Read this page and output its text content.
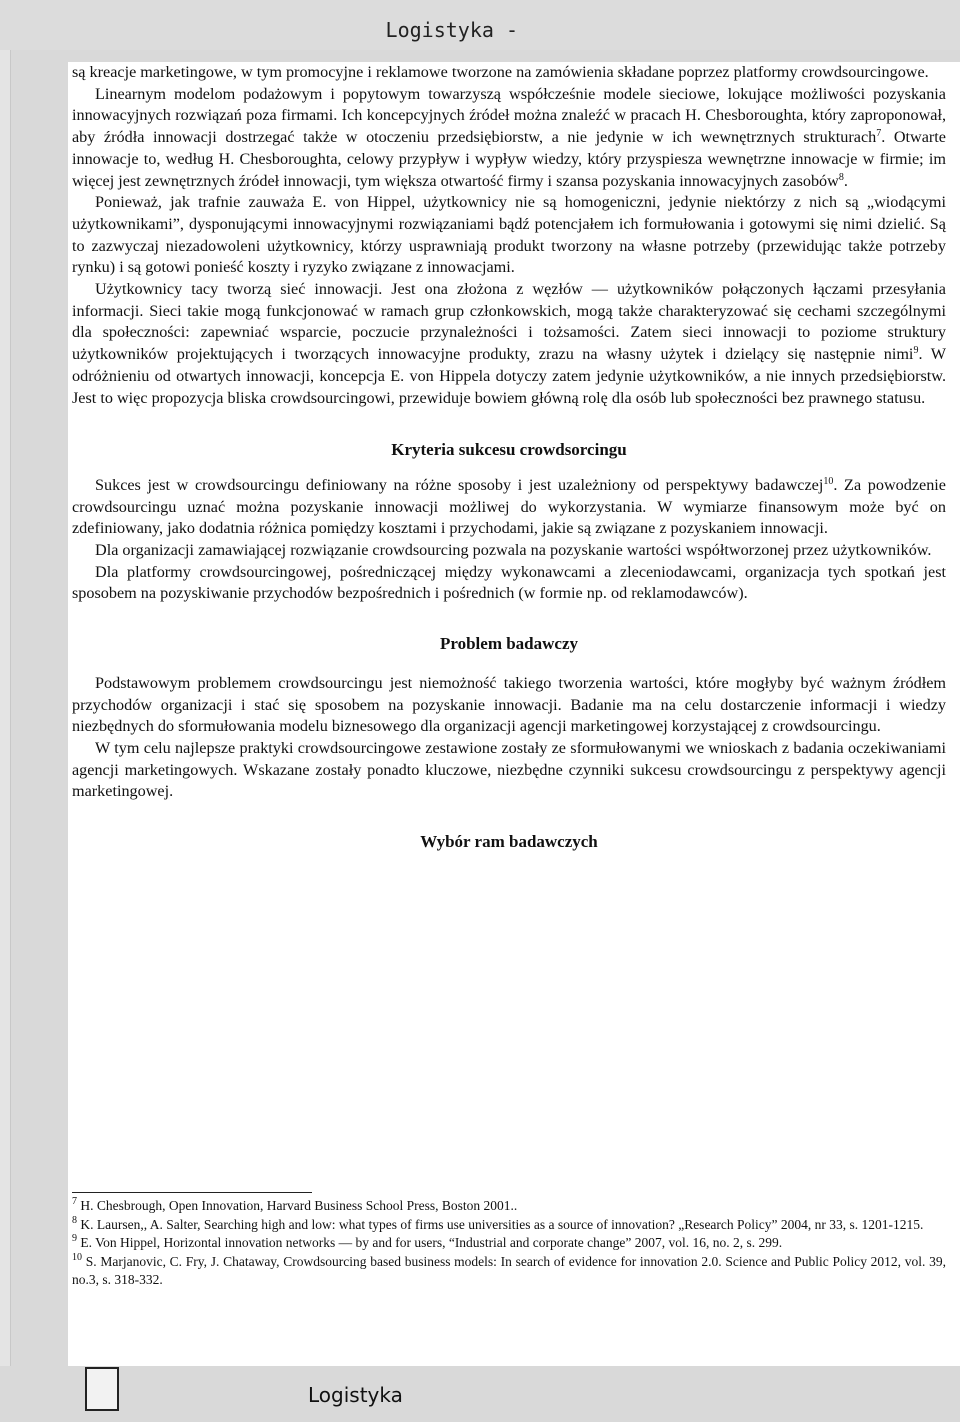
Logistyka -

są kreacje marketingowe, w tym promocyjne i reklamowe tworzone na zamówienia składane poprzez platformy crowdsourcingowe.

Linearnym modelom podażowym i popytowym towarzyszą współcześnie modele sieciowe, lokujące możliwości pozyskania innowacyjnych rozwiązań poza firmami. Ich koncepcyjnych źródeł można znaleźć w pracach H. Chesboroughta, który zaproponował, aby źródła innowacji dostrzegać także w otoczeniu przedsiębiorstw, a nie jedynie w ich wewnętrznych strukturach$^7$. Otwarte innowacje to, według H. Chesboroughta, celowy przypływ i wypływ wiedzy, który przyspiesza wewnętrzne innowacje w firmie; im więcej jest zewnętrznych źródeł innowacji, tym większa otwartość firmy i szansa pozyskania innowacyjnych zasobów$^8$.

Ponieważ, jak trafnie zauważa E. von Hippel, użytkownicy nie są homogeniczni, jedynie niektórzy z nich są „wiodącymi użytkownikami”, dysponującymi innowacyjnymi rozwiązaniami bądź potencjałem ich formułowania i gotowymi się nimi dzielić. Są to zazwyczaj niezadowoleni użytkownicy, którzy usprawniają produkt tworzony na własne potrzeby (przewidując także potrzeby rynku) i są gotowi ponieść koszty i ryzyko związane z innowacjami.

Użytkownicy tacy tworzą sieć innowacji. Jest ona złożona z węzłów — użytkowników połączonych łączami przesyłania informacji. Sieci takie mogą funkcjonować w ramach grup członkowskich, mogą także charakteryzować się cechami szczególnymi dla społeczności: zapewniać wsparcie, poczucie przynależności i tożsamości. Zatem sieci innowacji to poziome struktury użytkowników projektujących i tworzących innowacyjne produkty, zrazu na własny użytek i dzielący się następnie nimi$^9$. W odróżnieniu od otwartych innowacji, koncepcja E. von Hippela dotyczy zatem jedynie użytkowników, a nie innych przedsiębiorstw. Jest to więc propozycja bliska crowdsourcingowi, przewiduje bowiem główną rolę dla osób lub społeczności bez prawnego statusu.

Kryteria sukcesu crowdsorcingu

Sukces jest w crowdsourcingu definiowany na różne sposoby i jest uzależniony od perspektywy badawczej$^{10}$. Za powodzenie crowdsourcingu uznać można pozyskanie innowacji możliwej do wykorzystania. W wymiarze finansowym może być on zdefiniowany, jako dodatnia różnica pomiędzy kosztami i przychodami, jakie są związane z pozyskaniem innowacji.

Dla organizacji zamawiającej rozwiązanie crowdsourcing pozwala na pozyskanie wartości współtworzonej przez użytkowników.

Dla platformy crowdsourcingowej, pośredniczącej między wykonawcami a zleceniodawcami, organizacja tych spotkań jest sposobem na pozyskiwanie przychodów bezpośrednich i pośrednich (w formie np. od reklamodawców).

Problem badawczy

Podstawowym problemem crowdsourcingu jest niemożność takiego tworzenia wartości, które mogłyby być ważnym źródłem przychodów organizacji i stać się sposobem na pozyskanie innowacji. Badanie ma na celu dostarczenie informacji i wiedzy niezbędnych do sformułowania modelu biznesowego dla organizacji agencji marketingowej korzystającej z crowdsourcingu.

W tym celu najlepsze praktyki crowdsourcingowe zestawione zostały ze sformułowanymi we wnioskach z badania oczekiwaniami agencji marketingowych. Wskazane zostały ponadto kluczowe, niezbędne czynniki sukcesu crowdsourcingu z perspektywy agencji marketingowej.

Wybór ram badawczych

$^7$ H. Chesbrough, Open Innovation, Harvard Business School Press, Boston 2001..

$^8$ K. Laursen,, A. Salter, Searching high and low: what types of firms use universities as a source of innovation? „Research Policy” 2004, nr 33, s. 1201-1215.

$^9$ E. Von Hippel, Horizontal innovation networks — by and for users, “Industrial and corporate change” 2007, vol. 16, no. 2, s. 299.

$^{10}$ S. Marjanovic, C. Fry, J. Chataway, Crowdsourcing based business models: In search of evidence for innovation 2.0. Science and Public Policy 2012, vol. 39, no.3, s. 318-332.

Logistyka
